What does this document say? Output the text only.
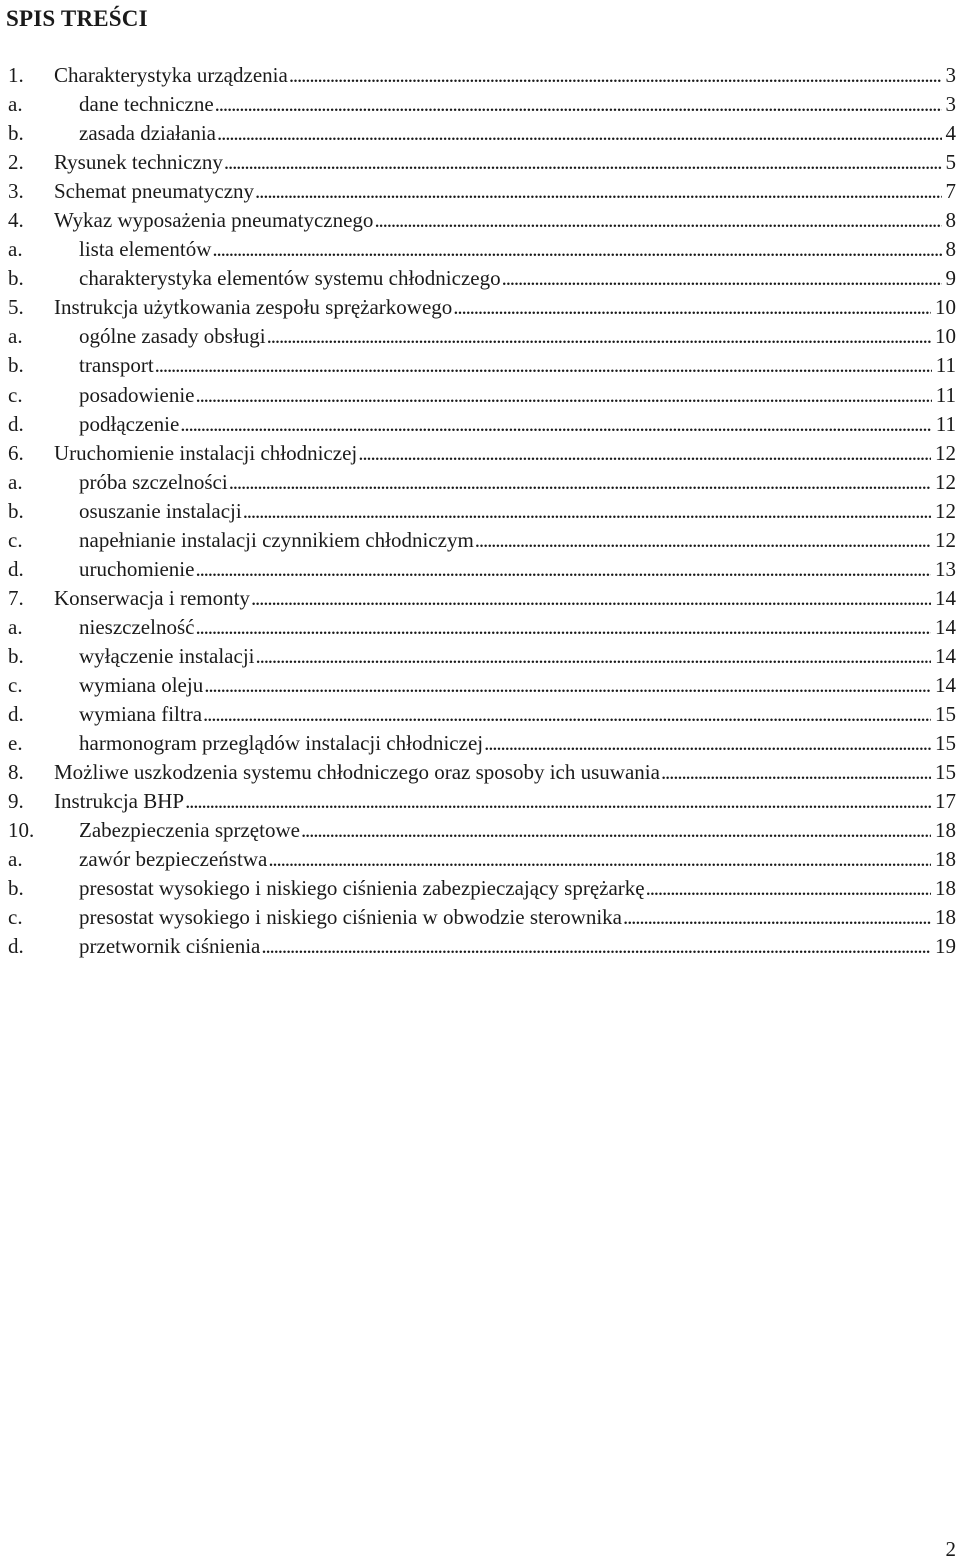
SPIS TREŚCI
1.	Charakterystyka urządzenia . . .	3
a.	dane techniczne . . .	3
b.	zasada działania . . .	4
2.	Rysunek techniczny . . .	5
3.	Schemat pneumatyczny . . .	7
4.	Wykaz wyposażenia pneumatycznego . . .	8
a.	lista elementów . . .	8
b.	charakterystyka elementów systemu chłodniczego . . .	9
5.	Instrukcja użytkowania zespołu sprężarkowego . . .	10
a.	ogólne zasady obsługi . . .	10
b.	transport . . .	11
c.	posadowienie . . .	11
d.	podłączenie . . .	11
6.	Uruchomienie instalacji chłodniczej . . .	12
a.	próba szczelności . . .	12
b.	osuszanie instalacji . . .	12
c.	napełnianie instalacji czynnikiem chłodniczym . . .	12
d.	uruchomienie . . .	13
7.	Konserwacja i remonty . . .	14
a.	nieszczelność . . .	14
b.	wyłączenie instalacji . . .	14
c.	wymiana oleju . . .	14
d.	wymiana filtra . . .	15
e.	harmonogram przeglądów instalacji chłodniczej . . .	15
8.	Możliwe uszkodzenia systemu chłodniczego oraz sposoby ich usuwania . . .	15
9.	Instrukcja BHP . . .	17
10.	Zabezpieczenia sprzętowe . . .	18
a.	zawór bezpieczeństwa . . .	18
b.	presostat wysokiego i niskiego ciśnienia zabezpieczający sprężarkę . . .	18
c.	presostat wysokiego i niskiego ciśnienia w obwodzie sterownika . . .	18
d.	przetwornik ciśnienia . . .	19
2
